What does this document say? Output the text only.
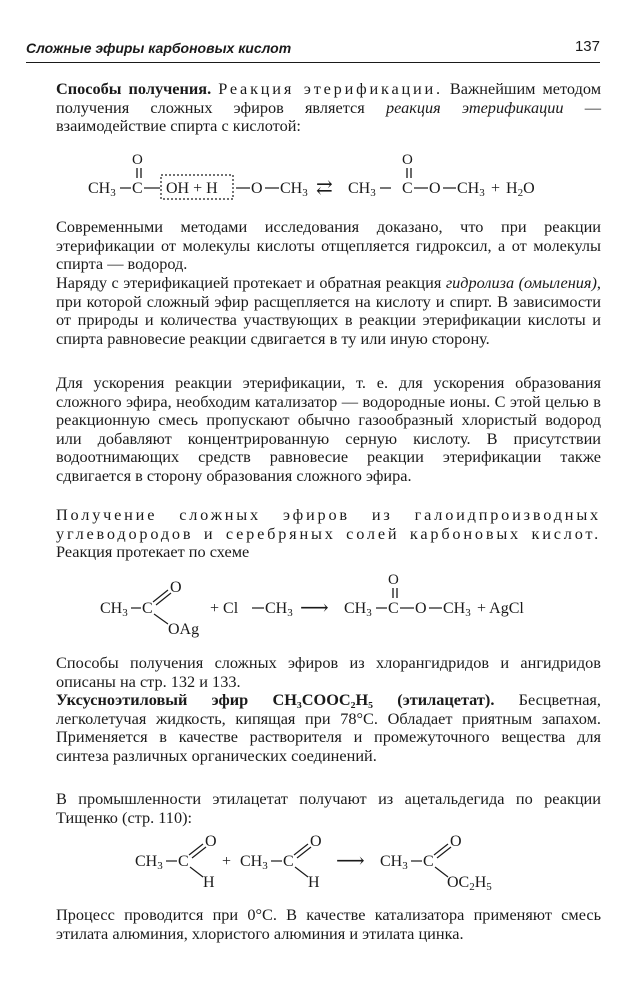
Сложные эфиры карбоновых кислот	137

Способы получения. Реакция этерификации. Важнейшим методом получения сложных эфиров является реакция этерификации — взаимодействие спирта с кислотой:

O
CH3 C OH + H O CH3 ⇄ CH3
O
C O CH3 + H2O

Современными методами исследования доказано, что при реакции этерификации от молекулы кислоты отщепляется гидроксил, а от молекулы спирта — водород.

Наряду с этерификацией протекает и обратная реакция гидролиза (омыления), при которой сложный эфир расщепляется на кислоту и спирт. В зависимости от природы и количества участвующих в реакции этерификации кислоты и спирта равновесие реакции сдвигается в ту или иную сторону.

Для ускорения реакции этерификации, т. е. для ускорения образования сложного эфира, необходим катализатор — водородные ионы. С этой целью в реакционную смесь пропускают обычно газообразный хлористый водород или добавляют концентрированную серную кислоту. В присутствии водоотнимающих средств равновесие реакции этерификации также сдвигается в сторону образования сложного эфира.

Получение сложных эфиров из галоидпроизводных углеводородов и серебряных солей карбоновых кислот. Реакция протекает по схеме

CH3 C
O
OAg
+ Cl CH3 ⟶ CH3
O
C O CH3 + AgCl

Способы получения сложных эфиров из хлорангидридов и ангидридов описаны на стр. 132 и 133.

Уксусноэтиловый эфир CH₃COOC₂H₅ (этилацетат). Бесцветная, легколетучая жидкость, кипящая при 78°С. Обладает приятным запахом. Применяется в качестве растворителя и промежуточного вещества для синтеза различных органических соединений.

В промышленности этилацетат получают из ацетальдегида по реакции Тищенко (стр. 110):

CH3 C
O
H
+ CH3 C
O
H
⟶ CH3 C
O
OC2H5

Процесс проводится при 0°С. В качестве катализатора применяют смесь этилата алюминия, хлористого алюминия и этилата цинка.
